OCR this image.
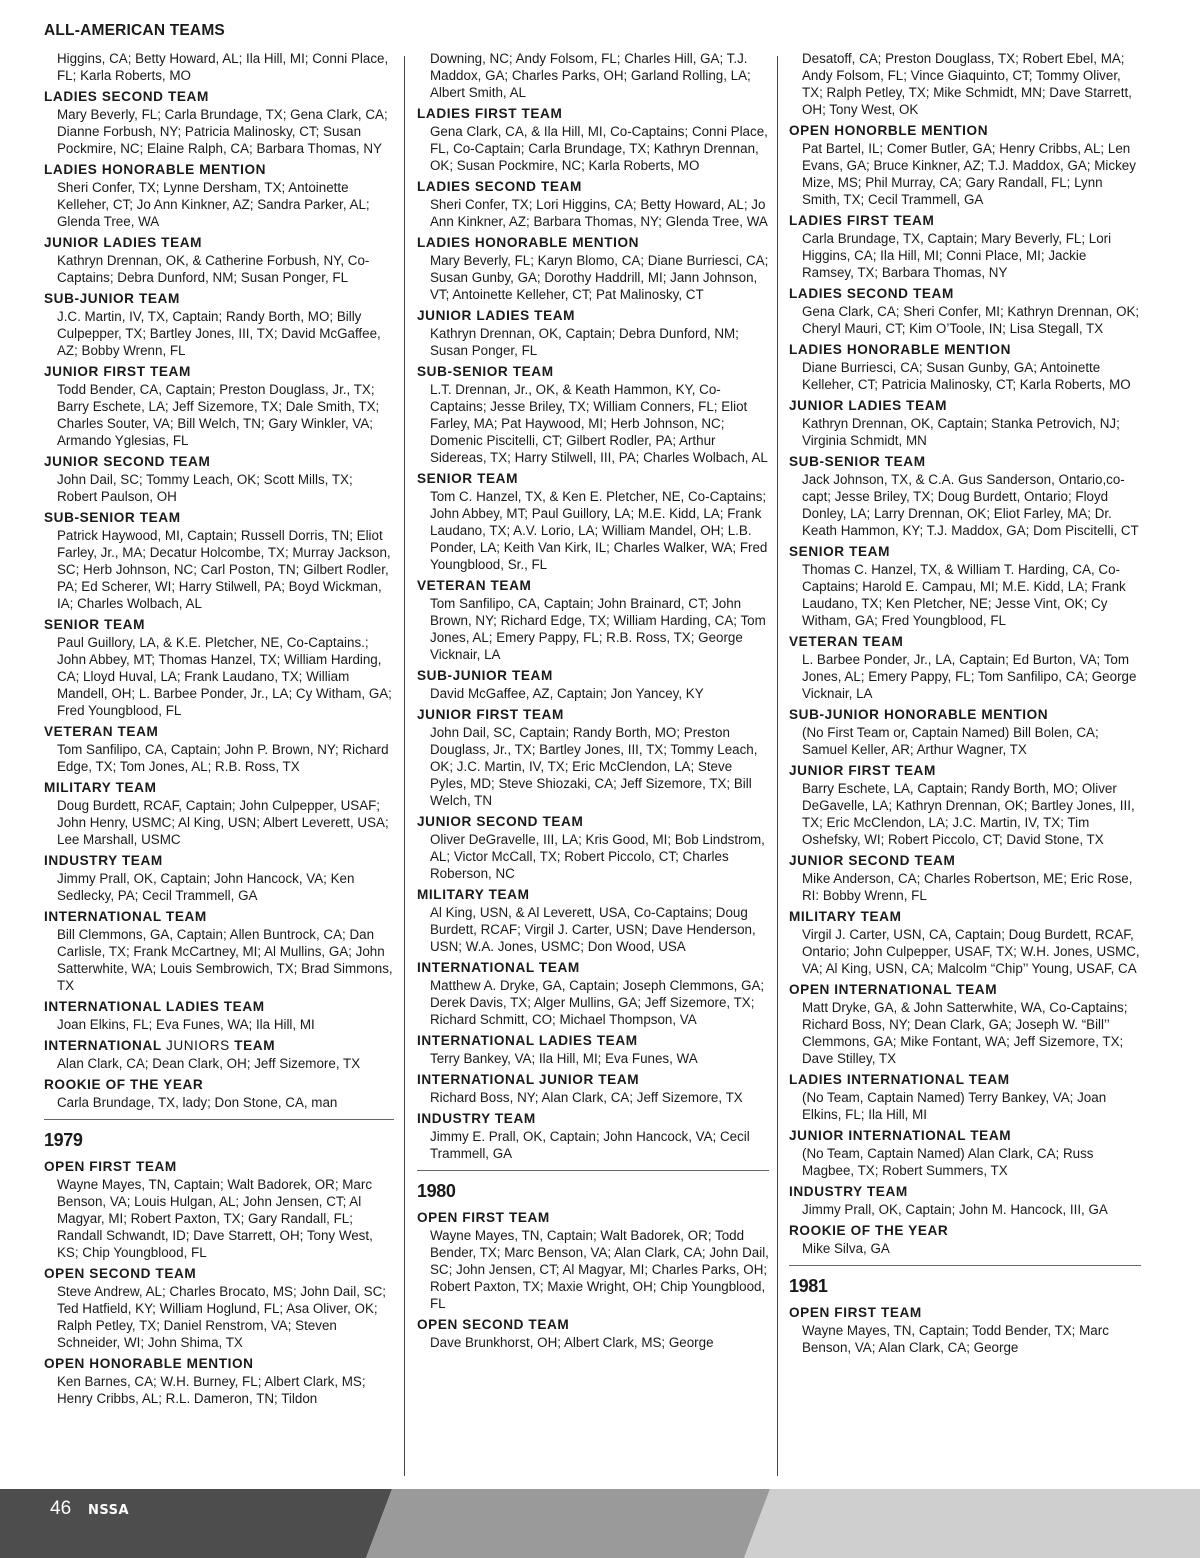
ALL-AMERICAN TEAMS
Higgins, CA; Betty Howard, AL; Ila Hill, MI; Conni Place, FL; Karla Roberts, MO
LADIES SECOND TEAM
Mary Beverly, FL; Carla Brundage, TX; Gena Clark, CA; Dianne Forbush, NY; Patricia Malinosky, CT; Susan Pockmire, NC; Elaine Ralph, CA; Barbara Thomas, NY
LADIES HONORABLE MENTION
Sheri Confer, TX; Lynne Dersham, TX; Antoinette Kelleher, CT; Jo Ann Kinkner, AZ; Sandra Parker, AL; Glenda Tree, WA
JUNIOR LADIES TEAM
Kathryn Drennan, OK, & Catherine Forbush, NY, Co-Captains; Debra Dunford, NM; Susan Ponger, FL
SUB-JUNIOR TEAM
J.C. Martin, IV, TX, Captain; Randy Borth, MO; Billy Culpepper, TX; Bartley Jones, III, TX; David McGaffee, AZ; Bobby Wrenn, FL
JUNIOR FIRST TEAM
Todd Bender, CA, Captain; Preston Douglass, Jr., TX; Barry Eschete, LA; Jeff Sizemore, TX; Dale Smith, TX; Charles Souter, VA; Bill Welch, TN; Gary Winkler, VA; Armando Yglesias, FL
JUNIOR SECOND TEAM
John Dail, SC; Tommy Leach, OK; Scott Mills, TX; Robert Paulson, OH
SUB-SENIOR TEAM
Patrick Haywood, MI, Captain; Russell Dorris, TN; Eliot Farley, Jr., MA; Decatur Holcombe, TX; Murray Jackson, SC; Herb Johnson, NC; Carl Poston, TN; Gilbert Rodler, PA; Ed Scherer, WI; Harry Stilwell, PA; Boyd Wickman, IA; Charles Wolbach, AL
SENIOR TEAM
Paul Guillory, LA, & K.E. Pletcher, NE, Co-Captains.; John Abbey, MT; Thomas Hanzel, TX; William Harding, CA; Lloyd Huval, LA; Frank Laudano, TX; William Mandell, OH; L. Barbee Ponder, Jr., LA; Cy Witham, GA; Fred Youngblood, FL
VETERAN TEAM
Tom Sanfilipo, CA, Captain; John P. Brown, NY; Richard Edge, TX; Tom Jones, AL; R.B. Ross, TX
MILITARY TEAM
Doug Burdett, RCAF, Captain; John Culpepper, USAF; John Henry, USMC; Al King, USN; Albert Leverett, USA; Lee Marshall, USMC
INDUSTRY TEAM
Jimmy Prall, OK, Captain; John Hancock, VA; Ken Sedlecky, PA; Cecil Trammell, GA
INTERNATIONAL TEAM
Bill Clemmons, GA, Captain; Allen Buntrock, CA; Dan Carlisle, TX; Frank McCartney, MI; Al Mullins, GA; John Satterwhite, WA; Louis Sembrowich, TX; Brad Simmons, TX
INTERNATIONAL LADIES TEAM
Joan Elkins, FL; Eva Funes, WA; Ila Hill, MI
INTERNATIONAL JUNIORS TEAM
Alan Clark, CA; Dean Clark, OH; Jeff Sizemore, TX
ROOKIE OF THE YEAR
Carla Brundage, TX, lady; Don Stone, CA, man
1979
OPEN FIRST TEAM
Wayne Mayes, TN, Captain; Walt Badorek, OR; Marc Benson, VA; Louis Hulgan, AL; John Jensen, CT; Al Magyar, MI; Robert Paxton, TX; Gary Randall, FL; Randall Schwandt, ID; Dave Starrett, OH; Tony West, KS; Chip Youngblood, FL
OPEN SECOND TEAM
Steve Andrew, AL; Charles Brocato, MS; John Dail, SC; Ted Hatfield, KY; William Hoglund, FL; Asa Oliver, OK; Ralph Petley, TX; Daniel Renstrom, VA; Steven Schneider, WI; John Shima, TX
OPEN HONORABLE MENTION
Ken Barnes, CA; W.H. Burney, FL; Albert Clark, MS; Henry Cribbs, AL; R.L. Dameron, TN; Tildon
Downing, NC; Andy Folsom, FL; Charles Hill, GA; T.J. Maddox, GA; Charles Parks, OH; Garland Rolling, LA; Albert Smith, AL
LADIES FIRST TEAM
Gena Clark, CA, & Ila Hill, MI, Co-Captains; Conni Place, FL, Co-Captain; Carla Brundage, TX; Kathryn Drennan, OK; Susan Pockmire, NC; Karla Roberts, MO
LADIES SECOND TEAM
Sheri Confer, TX; Lori Higgins, CA; Betty Howard, AL; Jo Ann Kinkner, AZ; Barbara Thomas, NY; Glenda Tree, WA
LADIES HONORABLE MENTION
Mary Beverly, FL; Karyn Blomo, CA; Diane Burriesci, CA; Susan Gunby, GA; Dorothy Haddrill, MI; Jann Johnson, VT; Antoinette Kelleher, CT; Pat Malinosky, CT
JUNIOR LADIES TEAM
Kathryn Drennan, OK, Captain; Debra Dunford, NM; Susan Ponger, FL
SUB-SENIOR TEAM
L.T. Drennan, Jr., OK, & Keath Hammon, KY, Co-Captains; Jesse Briley, TX; William Conners, FL; Eliot Farley, MA; Pat Haywood, MI; Herb Johnson, NC; Domenic Piscitelli, CT; Gilbert Rodler, PA; Arthur Sidereas, TX; Harry Stilwell, III, PA; Charles Wolbach, AL
SENIOR TEAM
Tom C. Hanzel, TX, & Ken E. Pletcher, NE, Co-Captains; John Abbey, MT; Paul Guillory, LA; M.E. Kidd, LA; Frank Laudano, TX; A.V. Lorio, LA; William Mandel, OH; L.B. Ponder, LA; Keith Van Kirk, IL; Charles Walker, WA; Fred Youngblood, Sr., FL
VETERAN TEAM
Tom Sanfilipo, CA, Captain; John Brainard, CT; John Brown, NY; Richard Edge, TX; William Harding, CA; Tom Jones, AL; Emery Pappy, FL; R.B. Ross, TX; George Vicknair, LA
SUB-JUNIOR TEAM
David McGaffee, AZ, Captain; Jon Yancey, KY
JUNIOR FIRST TEAM
John Dail, SC, Captain; Randy Borth, MO; Preston Douglass, Jr., TX; Bartley Jones, III, TX; Tommy Leach, OK; J.C. Martin, IV, TX; Eric McClendon, LA; Steve Pyles, MD; Steve Shiozaki, CA; Jeff Sizemore, TX; Bill Welch, TN
JUNIOR SECOND TEAM
Oliver DeGravelle, III, LA; Kris Good, MI; Bob Lindstrom, AL; Victor McCall, TX; Robert Piccolo, CT; Charles Roberson, NC
MILITARY TEAM
Al King, USN, & Al Leverett, USA, Co-Captains; Doug Burdett, RCAF; Virgil J. Carter, USN; Dave Henderson, USN; W.A. Jones, USMC; Don Wood, USA
INTERNATIONAL TEAM
Matthew A. Dryke, GA, Captain; Joseph Clemmons, GA; Derek Davis, TX; Alger Mullins, GA; Jeff Sizemore, TX; Richard Schmitt, CO; Michael Thompson, VA
INTERNATIONAL LADIES TEAM
Terry Bankey, VA; Ila Hill, MI; Eva Funes, WA
INTERNATIONAL JUNIOR TEAM
Richard Boss, NY; Alan Clark, CA; Jeff Sizemore, TX
INDUSTRY TEAM
Jimmy E. Prall, OK, Captain; John Hancock, VA; Cecil Trammell, GA
1980
OPEN FIRST TEAM
Wayne Mayes, TN, Captain; Walt Badorek, OR; Todd Bender, TX; Marc Benson, VA; Alan Clark, CA; John Dail, SC; John Jensen, CT; Al Magyar, MI; Charles Parks, OH; Robert Paxton, TX; Maxie Wright, OH; Chip Youngblood, FL
OPEN SECOND TEAM
Dave Brunkhorst, OH; Albert Clark, MS; George
Desatoff, CA; Preston Douglass, TX; Robert Ebel, MA; Andy Folsom, FL; Vince Giaquinto, CT; Tommy Oliver, TX; Ralph Petley, TX; Mike Schmidt, MN; Dave Starrett, OH; Tony West, OK
OPEN HONORBLE MENTION
Pat Bartel, IL; Comer Butler, GA; Henry Cribbs, AL; Len Evans, GA; Bruce Kinkner, AZ; T.J. Maddox, GA; Mickey Mize, MS; Phil Murray, CA; Gary Randall, FL; Lynn Smith, TX; Cecil Trammell, GA
LADIES FIRST TEAM
Carla Brundage, TX, Captain; Mary Beverly, FL; Lori Higgins, CA; Ila Hill, MI; Conni Place, MI; Jackie Ramsey, TX; Barbara Thomas, NY
LADIES SECOND TEAM
Gena Clark, CA; Sheri Confer, MI; Kathryn Drennan, OK; Cheryl Mauri, CT; Kim O’Toole, IN; Lisa Stegall, TX
LADIES HONORABLE MENTION
Diane Burriesci, CA; Susan Gunby, GA; Antoinette Kelleher, CT; Patricia Malinosky, CT; Karla Roberts, MO
JUNIOR LADIES TEAM
Kathryn Drennan, OK, Captain; Stanka Petrovich, NJ; Virginia Schmidt, MN
SUB-SENIOR TEAM
Jack Johnson, TX, & C.A. Gus Sanderson, Ontario,co-capt; Jesse Briley, TX; Doug Burdett, Ontario; Floyd Donley, LA; Larry Drennan, OK; Eliot Farley, MA; Dr. Keath Hammon, KY; T.J. Maddox, GA; Dom Piscitelli, CT
SENIOR TEAM
Thomas C. Hanzel, TX, & William T. Harding, CA, Co-Captains; Harold E. Campau, MI; M.E. Kidd, LA; Frank Laudano, TX; Ken Pletcher, NE; Jesse Vint, OK; Cy Witham, GA; Fred Youngblood, FL
VETERAN TEAM
L. Barbee Ponder, Jr., LA, Captain; Ed Burton, VA; Tom Jones, AL; Emery Pappy, FL; Tom Sanfilipo, CA; George Vicknair, LA
SUB-JUNIOR HONORABLE MENTION
(No First Team or, Captain Named) Bill Bolen, CA; Samuel Keller, AR; Arthur Wagner, TX
JUNIOR FIRST TEAM
Barry Eschete, LA, Captain; Randy Borth, MO; Oliver DeGavelle, LA; Kathryn Drennan, OK; Bartley Jones, III, TX; Eric McClendon, LA; J.C. Martin, IV, TX; Tim Oshefsky, WI; Robert Piccolo, CT; David Stone, TX
JUNIOR SECOND TEAM
Mike Anderson, CA; Charles Robertson, ME; Eric Rose, RI: Bobby Wrenn, FL
MILITARY TEAM
Virgil J. Carter, USN, CA, Captain; Doug Burdett, RCAF, Ontario; John Culpepper, USAF, TX; W.H. Jones, USMC, VA; Al King, USN, CA; Malcolm “Chip’’ Young, USAF, CA
OPEN INTERNATIONAL TEAM
Matt Dryke, GA, & John Satterwhite, WA, Co-Captains; Richard Boss, NY; Dean Clark, GA; Joseph W. “Bill’’ Clemmons, GA; Mike Fontant, WA; Jeff Sizemore, TX; Dave Stilley, TX
LADIES INTERNATIONAL TEAM
(No Team, Captain Named) Terry Bankey, VA; Joan Elkins, FL; Ila Hill, MI
JUNIOR INTERNATIONAL TEAM
(No Team, Captain Named) Alan Clark, CA; Russ Magbee, TX; Robert Summers, TX
INDUSTRY TEAM
Jimmy Prall, OK, Captain; John M. Hancock, III, GA
ROOKIE OF THE YEAR
Mike Silva, GA
1981
OPEN FIRST TEAM
Wayne Mayes, TN, Captain; Todd Bender, TX; Marc Benson, VA; Alan Clark, CA; George
46 NSSA
